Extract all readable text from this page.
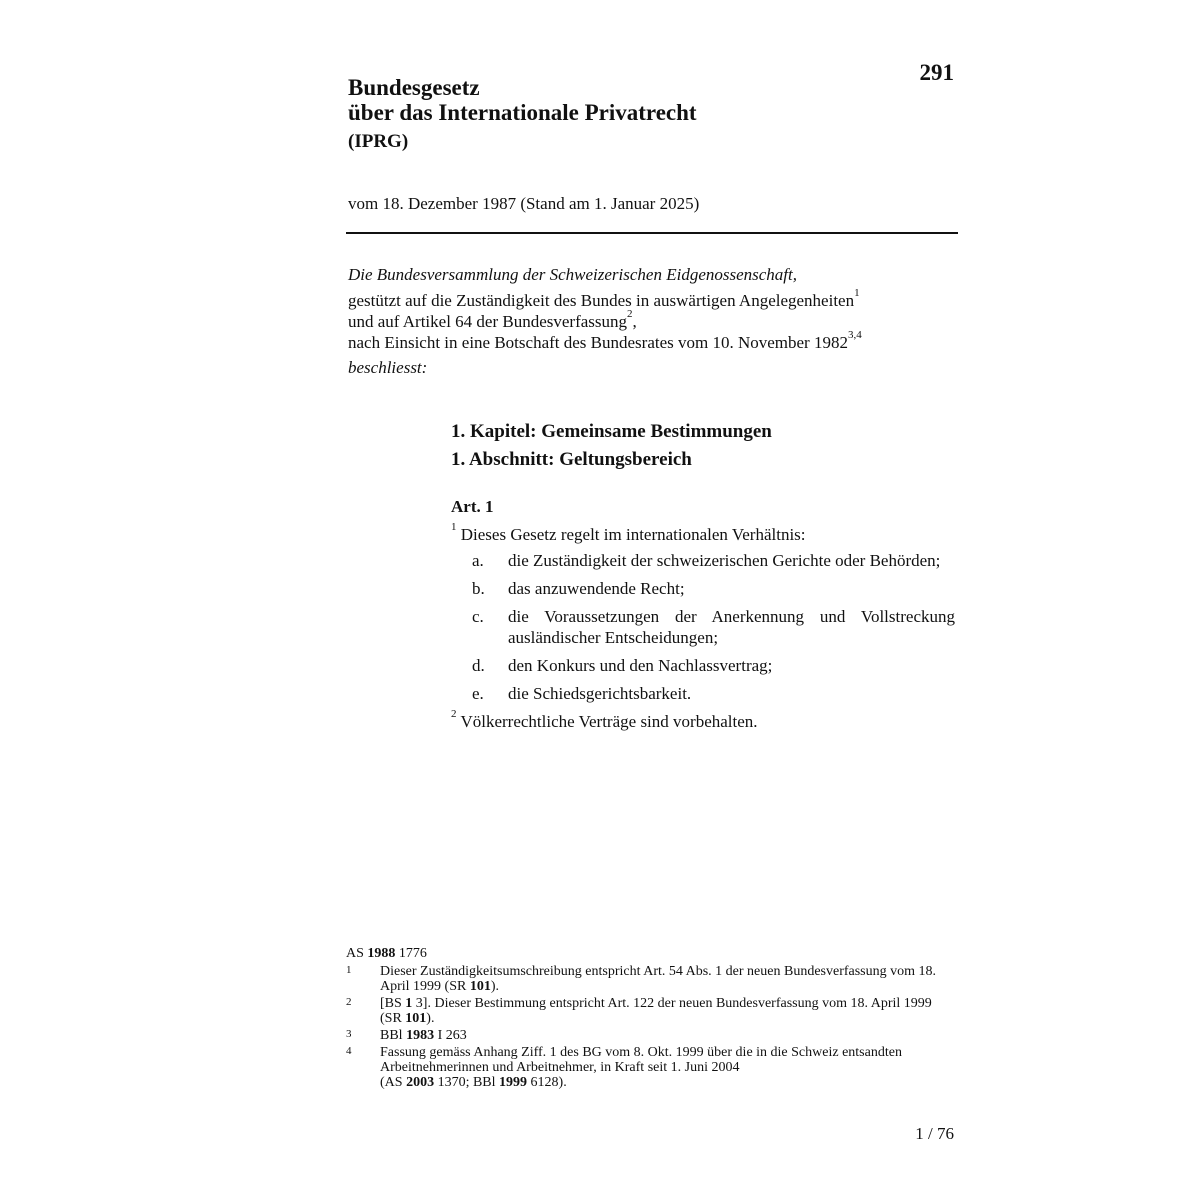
291
Bundesgesetz
über das Internationale Privatrecht
(IPRG)
vom 18. Dezember 1987 (Stand am 1. Januar 2025)
Die Bundesversammlung der Schweizerischen Eidgenossenschaft,
gestützt auf die Zuständigkeit des Bundes in auswärtigen Angelegenheiten$^1$
und auf Artikel 64 der Bundesverfassung$^2$,
nach Einsicht in eine Botschaft des Bundesrates vom 10. November 1982$^{3,4}$
beschliesst:
1. Kapitel: Gemeinsame Bestimmungen
1. Abschnitt: Geltungsbereich
Art. 1

$^1$ Dieses Gesetz regelt im internationalen Verhältnis:

a.	die Zuständigkeit der schweizerischen Gerichte oder Behörden;
b.	das anzuwendende Recht;
c.	die Voraussetzungen der Anerkennung und Vollstreckung ausländischer Entscheidungen;
d.	den Konkurs und den Nachlassvertrag;
e.	die Schiedsgerichtsbarkeit.

$^2$ Völkerrechtliche Verträge sind vorbehalten.

AS 1988 1776
1	Dieser Zuständigkeitsumschreibung entspricht Art. 54 Abs. 1 der neuen Bundesverfassung vom 18. April 1999 (SR 101).
2	[BS 1 3]. Dieser Bestimmung entspricht Art. 122 der neuen Bundesverfassung vom 18. April 1999 (SR 101).
3	BBl 1983 I 263
4	Fassung gemäss Anhang Ziff. 1 des BG vom 8. Okt. 1999 über die in die Schweiz entsandten Arbeitnehmerinnen und Arbeitnehmer, in Kraft seit 1. Juni 2004
(AS 2003 1370; BBl 1999 6128).
1 / 76
